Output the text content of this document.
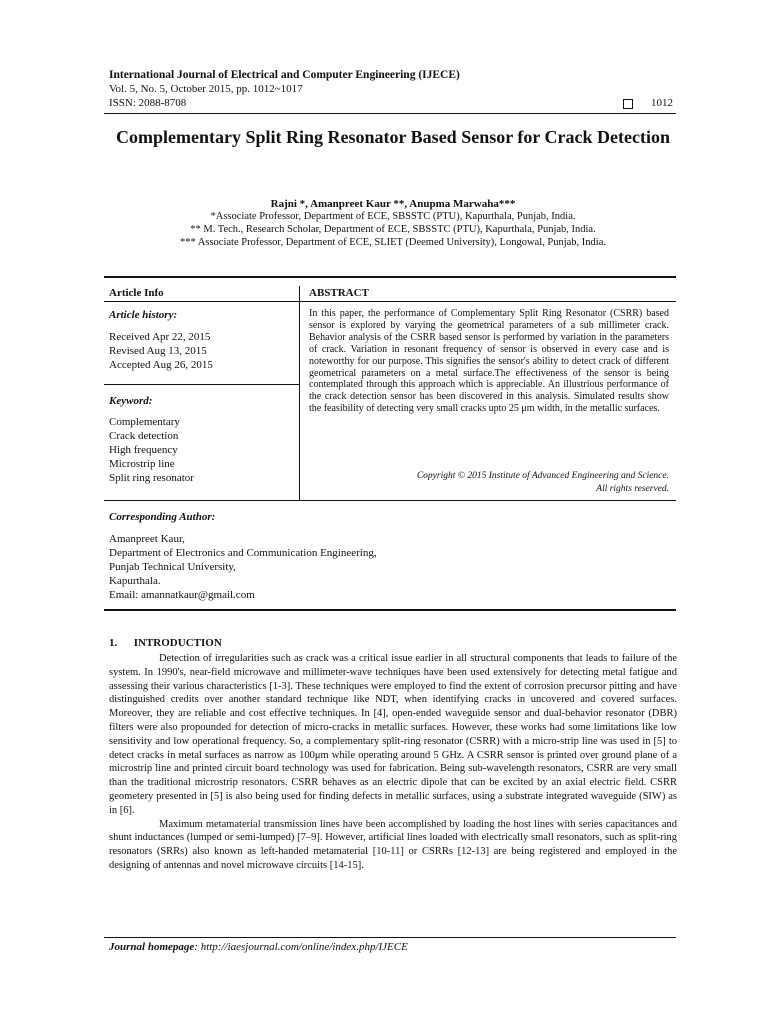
International Journal of Electrical and Computer Engineering (IJECE)
Vol. 5, No. 5, October 2015, pp. 1012~1017
ISSN: 2088-8708	1012
Complementary Split Ring Resonator Based Sensor for Crack Detection
Rajni *, Amanpreet Kaur **, Anupma Marwaha***
*Associate Professor, Department of ECE, SBSSTC (PTU), Kapurthala, Punjab, India.
** M. Tech., Research Scholar, Department of ECE, SBSSTC (PTU), Kapurthala, Punjab, India.
*** Associate Professor, Department of ECE, SLIET (Deemed University), Longowal, Punjab, India.
Article Info	ABSTRACT
Article history:
Received Apr 22, 2015
Revised Aug 13, 2015
Accepted Aug 26, 2015
Keyword:
Complementary
Crack detection
High frequency
Microstrip line
Split ring resonator
In this paper, the performance of Complementary Split Ring Resonator (CSRR) based sensor is explored by varying the geometrical parameters of a sub millimeter crack. Behavior analysis of the CSRR based sensor is performed by variation in the parameters of crack. Variation in resonant frequency of sensor is observed in every case and is noteworthy for our purpose. This signifies the sensor's ability to detect crack of different geometrical parameters on a metal surface.The effectiveness of the sensor is being contemplated through this approach which is appreciable. An illustrious performance of the crack detection sensor has been discovered in this analysis. Simulated results show the feasibility of detecting very small cracks upto 25 μm width, in the metallic surfaces.
Copyright © 2015 Institute of Advanced Engineering and Science.
All rights reserved.
Corresponding Author:
Amanpreet Kaur,
Department of Electronics and Communication Engineering,
Punjab Technical University,
Kapurthala.
Email: amannatkaur@gmail.com
1.      INTRODUCTION

Detection of irregularities such as crack was a critical issue earlier in all structural components that leads to failure of the system. In 1990's, near-field microwave and millimeter-wave techniques have been used extensively for detecting metal fatigue and assessing their various characteristics [1-3]. These techniques were employed to find the extent of corrosion precursor pitting and have distinguished credits over another standard technique like NDT, when identifying cracks in uncovered and covered surfaces. Moreover, they are reliable and cost effective techniques. In [4], open-ended waveguide sensor and dual-behavior resonator (DBR) filters were also propounded for detection of micro-cracks in metallic surfaces. However, these works had some limitations like low sensitivity and low operational frequency. So, a complementary split-ring resonator (CSRR) with a micro-strip line was used in [5] to detect cracks in metal surfaces as narrow as 100μm while operating around 5 GHz. A CSRR sensor is printed over ground plane of a microstrip line and printed circuit board technology was used for fabrication. Being sub-wavelength resonators, CSRR are very small than the traditional microstrip resonators. CSRR behaves as an electric dipole that can be excited by an axial electric field. CSRR geometery presented in [5] is also being used for finding defects in metallic surfaces, using a substrate integrated waveguide (SIW) as in [6].

Maximum metamaterial transmission lines have been accomplished by loading the host lines with series capacitances and shunt inductances (lumped or semi-lumped) [7–9]. However, artificial lines loaded with electrically small resonators, such as split-ring resonators (SRRs) also known as left-handed metamaterial [10-11] or CSRRs [12-13] are being registered and employed in the designing of antennas and novel microwave circuits [14-15].

Journal homepage: http://iaesjournal.com/online/index.php/IJECE
